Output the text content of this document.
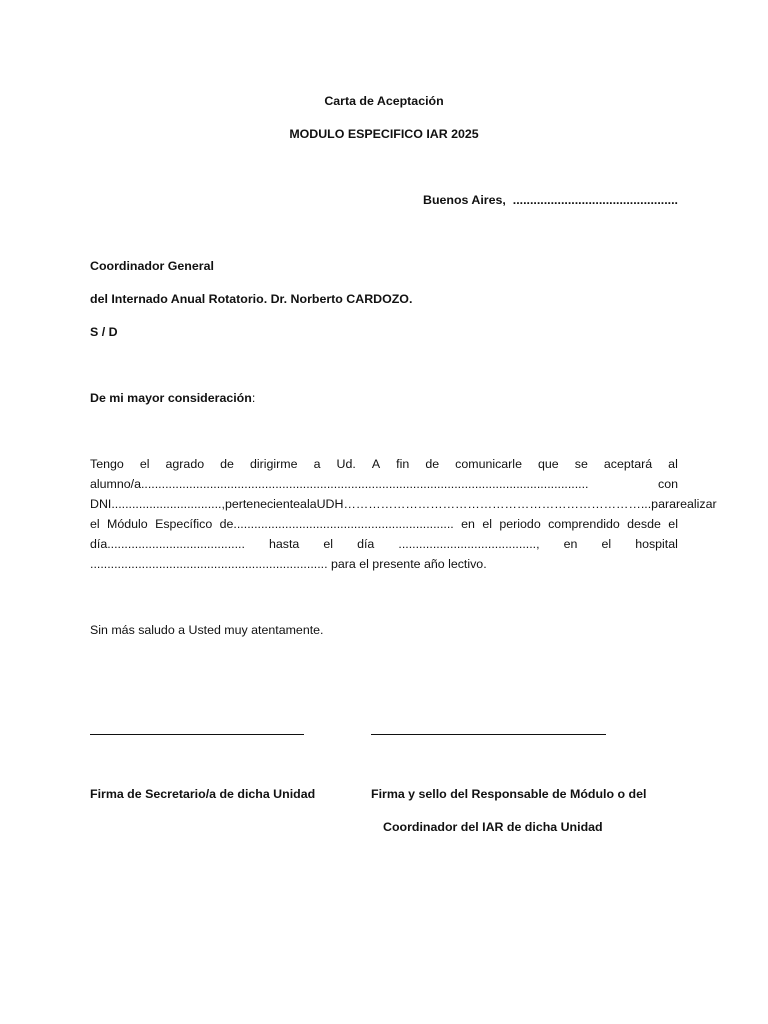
Carta de Aceptación
MODULO ESPECIFICO IAR 2025
Buenos Aires, ................................................
Coordinador General
del Internado Anual Rotatorio. Dr. Norberto CARDOZO.
S / D
De mi mayor consideración:
Tengo el agrado de dirigirme a Ud. A fin de comunicarle que se aceptará al
alumno/a..................................................................................................................................	con
DNI................................, perteneciente a la UDH………………………………………………………………... para realizar
el Módulo Específico de................................................................ en el periodo comprendido desde el
día........................................ hasta el día ........................................, en el hospital
..................................................................... para el presente año lectivo.
Sin más saludo a Usted muy atentamente.
Firma de Secretario/a de dicha Unidad	Firma y sello del Responsable de Módulo o del
Coordinador del IAR de dicha Unidad
